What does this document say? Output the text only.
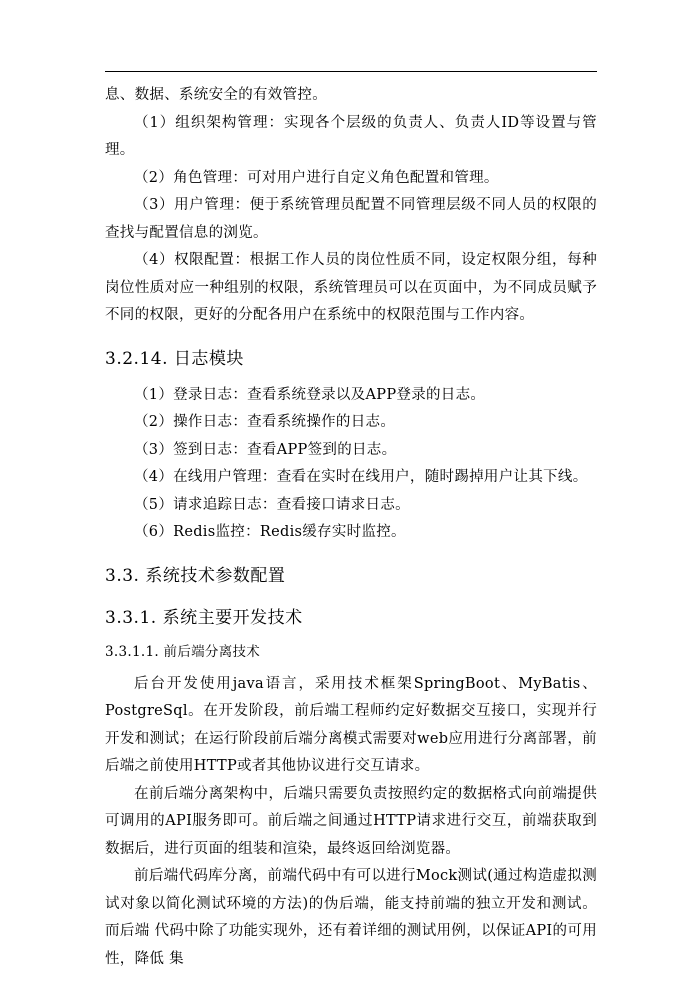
息、数据、系统安全的有效管控。

（1）组织架构管理：实现各个层级的负责人、负责人ID等设置与管理。

（2）角色管理：可对用户进行自定义角色配置和管理。

（3）用户管理：便于系统管理员配置不同管理层级不同人员的权限的查找与配置信息的浏览。

（4）权限配置：根据工作人员的岗位性质不同，设定权限分组，每种岗位性质对应一种组别的权限，系统管理员可以在页面中，为不同成员赋予不同的权限，更好的分配各用户在系统中的权限范围与工作内容。

3.2.14. 日志模块

（1）登录日志：查看系统登录以及APP登录的日志。

（2）操作日志：查看系统操作的日志。

（3）签到日志：查看APP签到的日志。

（4）在线用户管理：查看在实时在线用户，随时踢掉用户让其下线。

（5）请求追踪日志：查看接口请求日志。

（6）Redis监控：Redis缓存实时监控。

3.3. 系统技术参数配置
3.3.1. 系统主要开发技术
3.3.1.1. 前后端分离技术

后台开发使用java语言，采用技术框架SpringBoot、MyBatis、PostgreSql。在开发阶段，前后端工程师约定好数据交互接口，实现并行开发和测试；在运行阶段前后端分离模式需要对web应用进行分离部署，前后端之前使用HTTP或者其他协议进行交互请求。

在前后端分离架构中，后端只需要负责按照约定的数据格式向前端提供可调用的API服务即可。前后端之间通过HTTP请求进行交互，前端获取到数据后，进行页面的组装和渲染，最终返回给浏览器。

前后端代码库分离，前端代码中有可以进行Mock测试(通过构造虚拟测试对象以简化测试环境的方法)的伪后端，能支持前端的独立开发和测试。而后端 代码中除了功能实现外，还有着详细的测试用例，以保证API的可用性，降低 集
